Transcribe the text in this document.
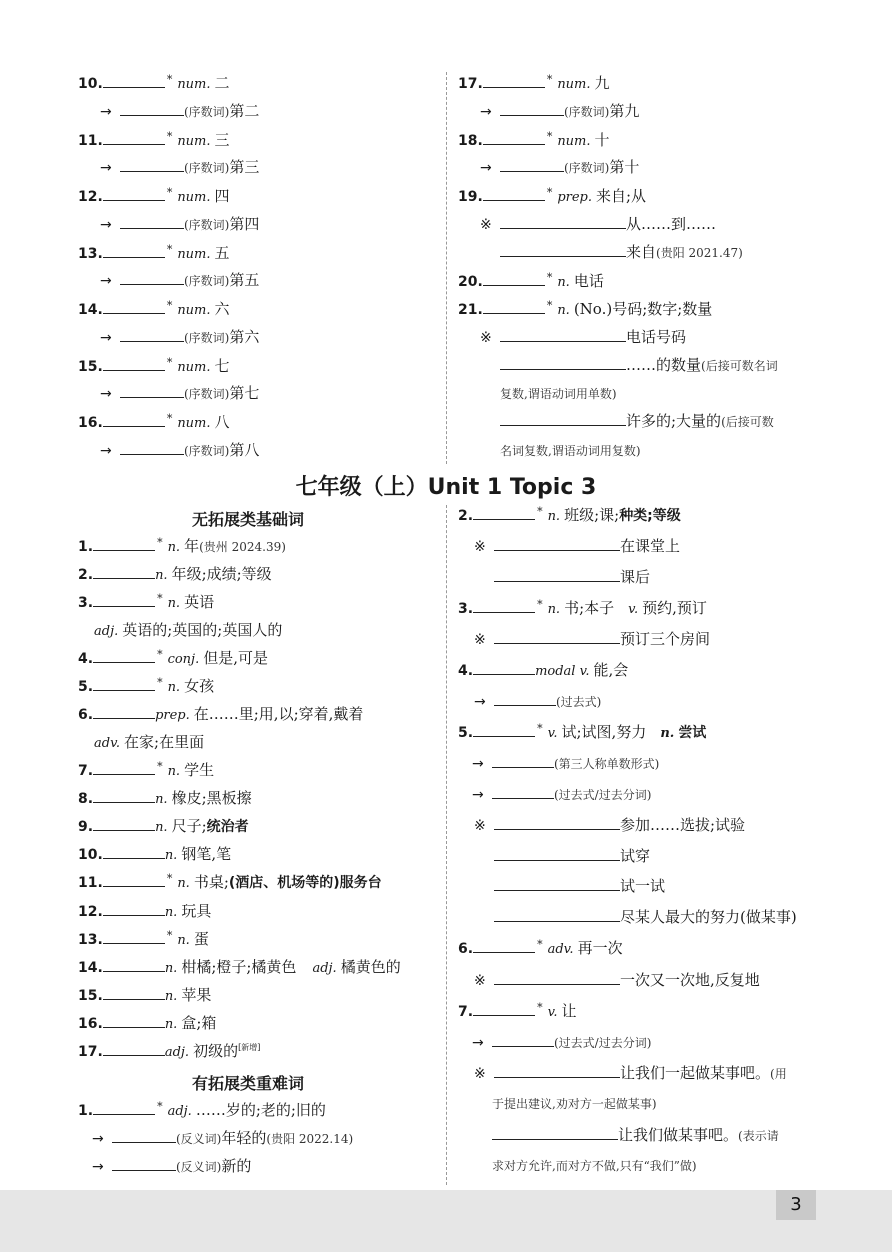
10.	* num. 二
→	(序数词)第二
11.	* num. 三
→	(序数词)第三
12.	* num. 四
→	(序数词)第四
13.	* num. 五
→	(序数词)第五
14.	* num. 六
→	(序数词)第六
15.	* num. 七
→	(序数词)第七
16.	* num. 八
→	(序数词)第八
17.	* num. 九
→	(序数词)第九
18.	* num. 十
→	(序数词)第十
19.	* prep. 来自;从
※	从……到……
来自(贵阳 2021.47)
20.	* n. 电话
21.	* n. (No.)号码;数字;数量
※	电话号码
……的数量(后接可数名词
复数,谓语动词用单数)
许多的;大量的(后接可数
名词复数,谓语动词用复数)
七年级（上）Unit 1 Topic 3
无拓展类基础词
1.	* n. 年(贵州 2024.39)
2.	n. 年级;成绩;等级
3.	* n. 英语
adj. 英语的;英国的;英国人的
4.	* conj. 但是,可是
5.	* n. 女孩
6.	prep. 在……里;用,以;穿着,戴着
adv. 在家;在里面
7.	* n. 学生
8.	n. 橡皮;黑板擦
9.	n. 尺子;统治者
10.	n. 钢笔,笔
11.	* n. 书桌;(酒店、机场等的)服务台
12.	n. 玩具
13.	* n. 蛋
14.	n. 柑橘;橙子;橘黄色 adj. 橘黄色的
15.	n. 苹果
16.	n. 盒;箱
17.	adj. 初级的[新增]
有拓展类重难词
1.	* adj. ……岁的;老的;旧的
→	(反义词)年轻的(贵阳 2022.14)
→	(反义词)新的
2.	* n. 班级;课;种类;等级
※	在课堂上
课后
3.	* n. 书;本子 v. 预约,预订
※	预订三个房间
4.	modal v. 能,会
→	(过去式)
5.	* v. 试;试图,努力 n. 尝试
→	(第三人称单数形式)
→	(过去式/过去分词)
※	参加……选拔;试验
试穿
试一试
尽某人最大的努力(做某事)
6.	* adv. 再一次
※	一次又一次地,反复地
7.	* v. 让
→	(过去式/过去分词)
※	让我们一起做某事吧。(用
于提出建议,劝对方一起做某事)
让我们做某事吧。(表示请
求对方允许,而对方不做,只有“我们”做)
3
